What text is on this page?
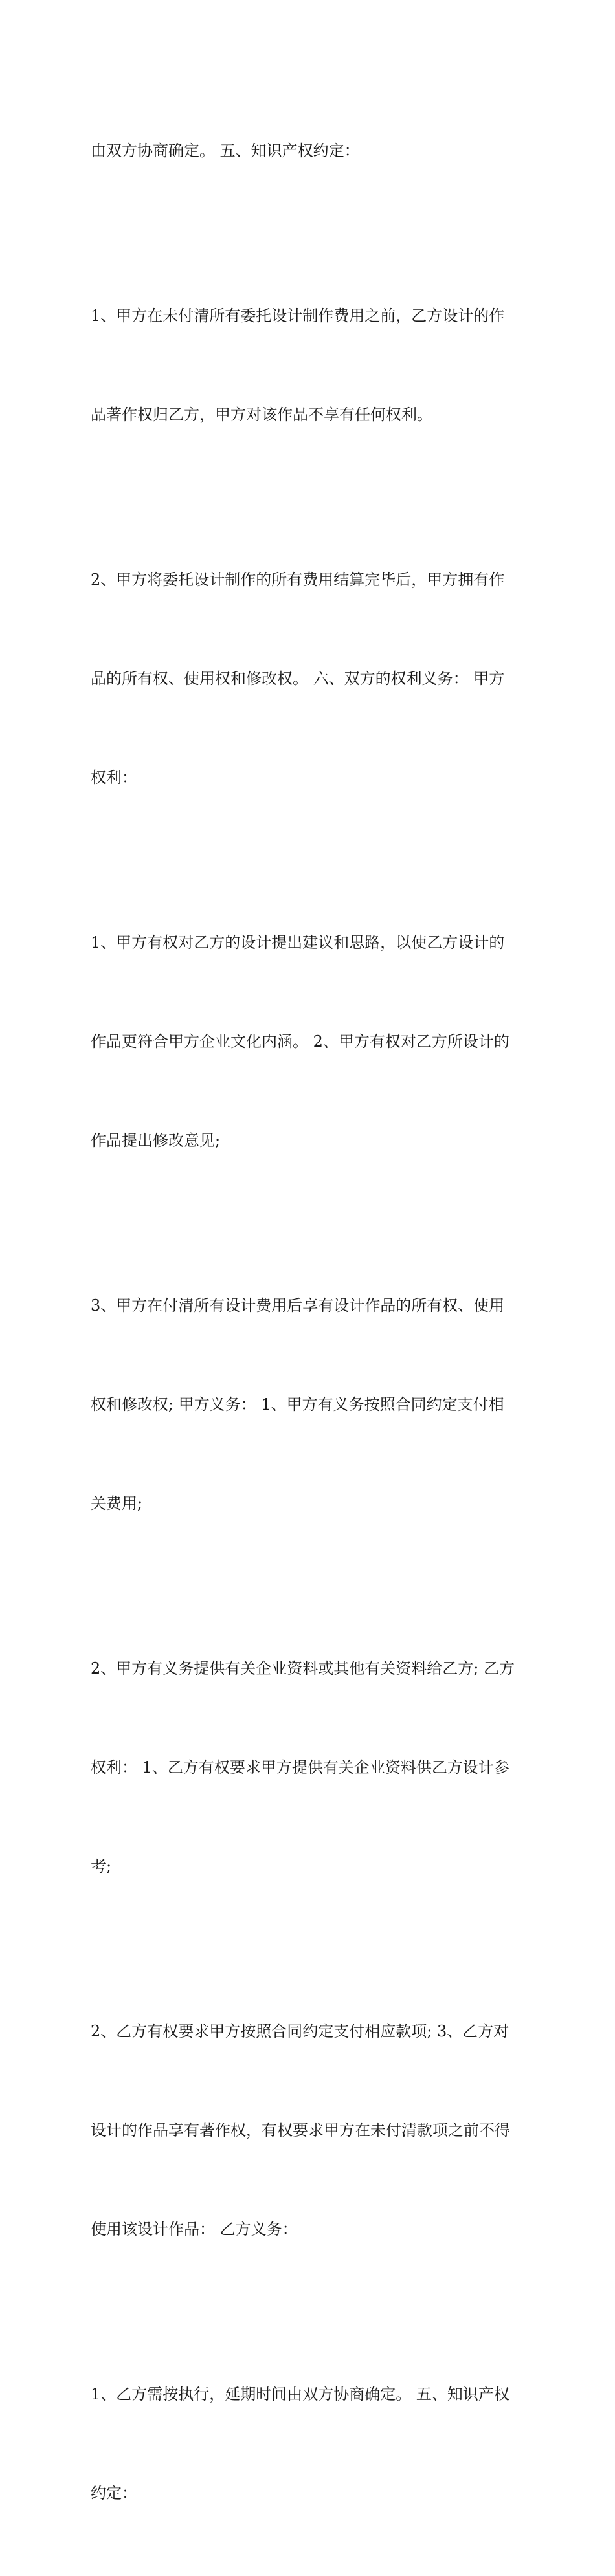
由双方协商确定。 五、知识产权约定：

1、甲方在未付清所有委托设计制作费用之前，乙方设计的作

品著作权归乙方，甲方对该作品不享有任何权利。

2、甲方将委托设计制作的所有费用结算完毕后，甲方拥有作

品的所有权、使用权和修改权。 六、双方的权利义务： 甲方

权利：

1、甲方有权对乙方的设计提出建议和思路，以使乙方设计的

作品更符合甲方企业文化内涵。 2、甲方有权对乙方所设计的

作品提出修改意见;

3、甲方在付清所有设计费用后享有设计作品的所有权、使用

权和修改权; 甲方义务： 1、甲方有义务按照合同约定支付相

关费用;

2、甲方有义务提供有关企业资料或其他有关资料给乙方; 乙方

权利： 1、乙方有权要求甲方提供有关企业资料供乙方设计参

考;

2、乙方有权要求甲方按照合同约定支付相应款项; 3、乙方对

设计的作品享有著作权，有权要求甲方在未付清款项之前不得

使用该设计作品： 乙方义务：

1、乙方需按执行，延期时间由双方协商确定。 五、知识产权

约定：
